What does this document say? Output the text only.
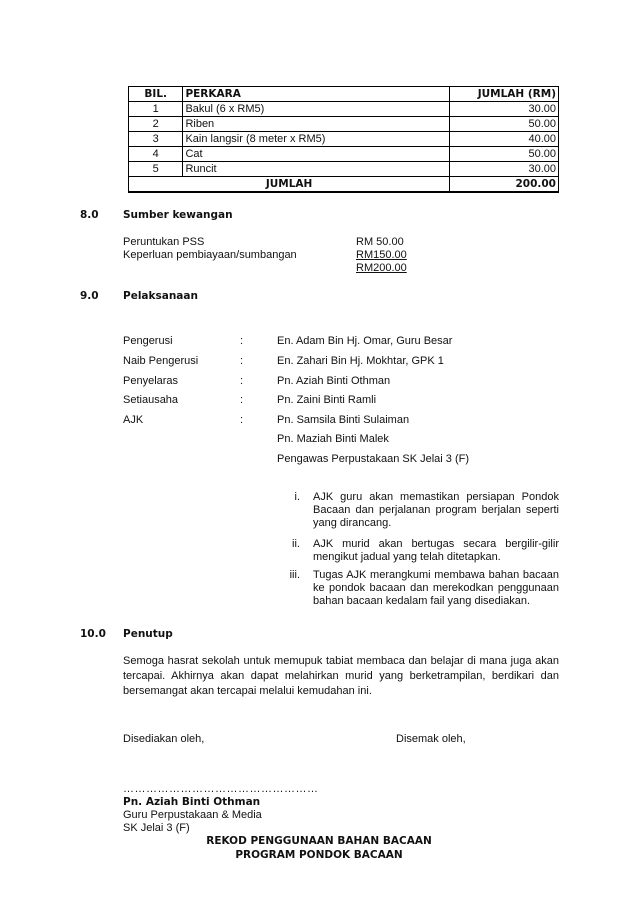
BIL.	PERKARA	JUMLAH (RM)
1	Bakul (6 x RM5)	30.00
2	Riben	50.00
3	Kain langsir (8 meter x RM5)	40.00
4	Cat	50.00
5	Runcit	30.00
JUMLAH		200.00
8.0 Sumber kewangan
Peruntukan PSS	RM 50.00
Keperluan pembiayaan/sumbangan	RM150.00
RM200.00
9.0 Pelaksanaan
Pengerusi	:	En. Adam Bin Hj. Omar, Guru Besar
Naib Pengerusi	:	En. Zahari Bin Hj. Mokhtar, GPK 1
Penyelaras	:	Pn. Aziah Binti Othman
Setiausaha	:	Pn. Zaini Binti Ramli
AJK	:	Pn. Samsila Binti Sulaiman
Pn. Maziah Binti Malek
Pengawas Perpustakaan SK Jelai 3 (F)
i. AJK guru akan memastikan persiapan Pondok Bacaan dan perjalanan program berjalan seperti yang dirancang.
ii. AJK murid akan bertugas secara bergilir-gilir mengikut jadual yang telah ditetapkan.
iii. Tugas AJK merangkumi membawa bahan bacaan ke pondok bacaan dan merekodkan penggunaan bahan bacaan kedalam fail yang disediakan.
10.0 Penutup
Semoga hasrat sekolah untuk memupuk tabiat membaca dan belajar di mana juga akan tercapai. Akhirnya akan dapat melahirkan murid yang berketrampilan, berdikari dan bersemangat akan tercapai melalui kemudahan ini.
Disediakan oleh,	Disemak oleh,
……………………………………………
Pn. Aziah Binti Othman
Guru Perpustakaan & Media
SK Jelai 3 (F)
REKOD PENGGUNAAN BAHAN BACAAN
PROGRAM PONDOK BACAAN
